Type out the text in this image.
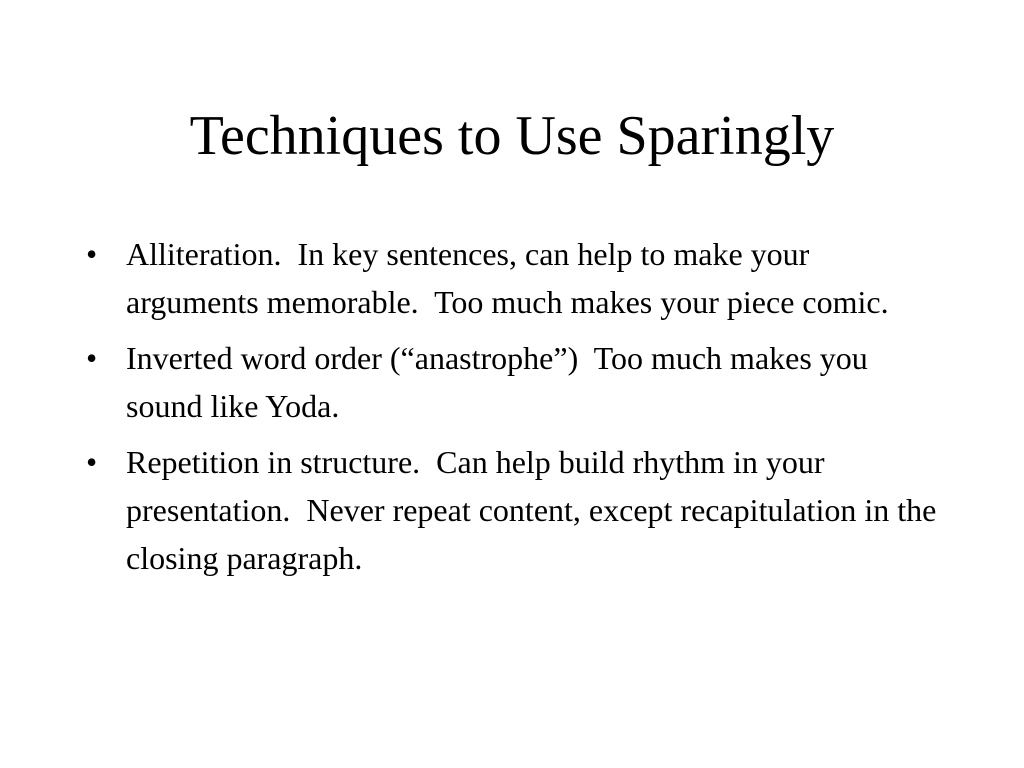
Techniques to Use Sparingly
• Alliteration.  In key sentences, can help to make your arguments memorable.  Too much makes your piece comic.
• Inverted word order (“anastrophe”)  Too much makes you sound like Yoda.
• Repetition in structure.  Can help build rhythm in your presentation.  Never repeat content, except recapitulation in the closing paragraph.
